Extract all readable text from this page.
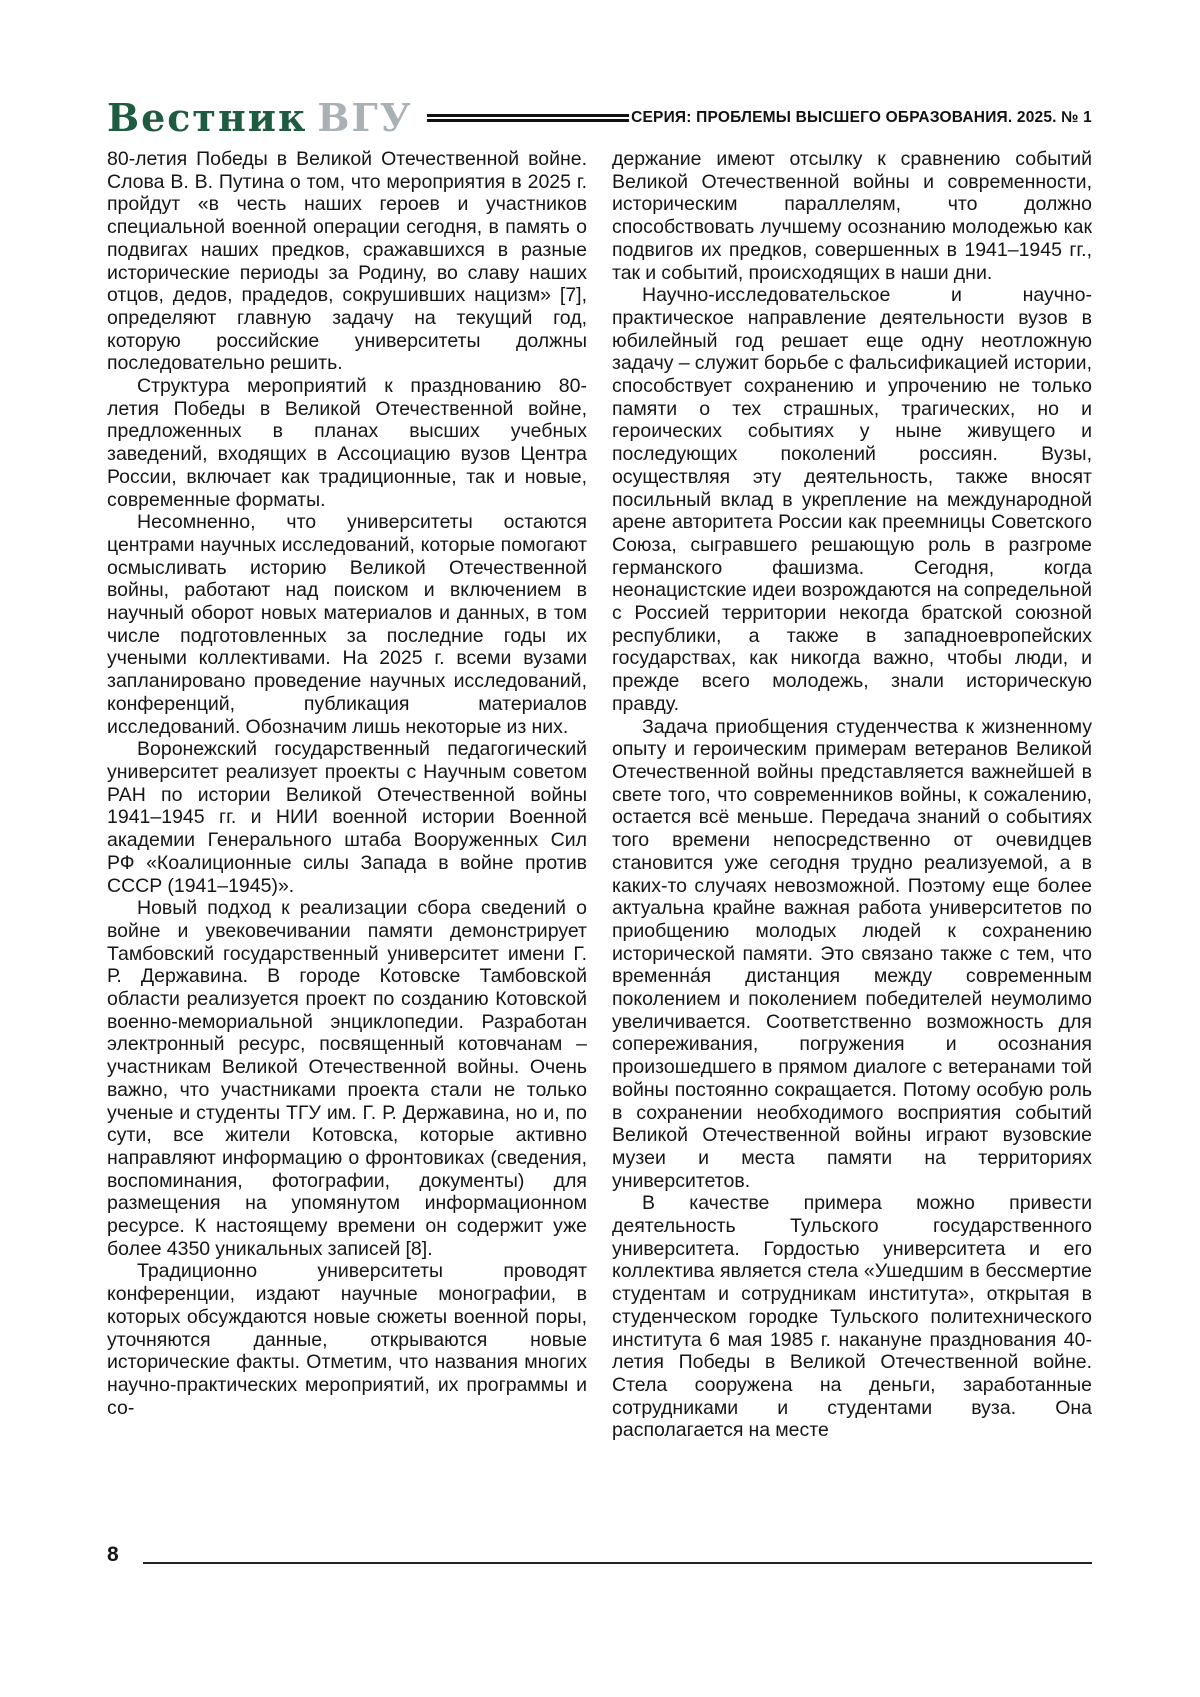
Вестник ВГУ	СЕРИЯ: ПРОБЛЕМЫ ВЫСШЕГО ОБРАЗОВАНИЯ. 2025. № 1

80-летия Победы в Великой Отечественной войне. Слова В. В. Путина о том, что мероприятия в 2025 г. пройдут «в честь наших героев и участников специальной военной операции сегодня, в память о подвигах наших предков, сражавшихся в разные исторические периоды за Родину, во славу наших отцов, дедов, прадедов, сокрушивших нацизм» [7], определяют главную задачу на текущий год, которую российские университеты должны последовательно решить.

Структура мероприятий к празднованию 80-летия Победы в Великой Отечественной войне, предложенных в планах высших учебных заведений, входящих в Ассоциацию вузов Центра России, включает как традиционные, так и новые, современные форматы.

Несомненно, что университеты остаются центрами научных исследований, которые помогают осмысливать историю Великой Отечественной войны, работают над поиском и включением в научный оборот новых материалов и данных, в том числе подготовленных за последние годы их учеными коллективами. На 2025 г. всеми вузами запланировано проведение научных исследований, конференций, публикация материалов исследований. Обозначим лишь некоторые из них.

Воронежский государственный педагогический университет реализует проекты с Научным советом РАН по истории Великой Отечественной войны 1941–1945 гг. и НИИ военной истории Военной академии Генерального штаба Вооруженных Сил РФ «Коалиционные силы Запада в войне против СССР (1941–1945)».

Новый подход к реализации сбора сведений о войне и увековечивании памяти демонстрирует Тамбовский государственный университет имени Г. Р. Державина. В городе Котовске Тамбовской области реализуется проект по созданию Котовской военно-мемориальной энциклопедии. Разработан электронный ресурс, посвященный котовчанам – участникам Великой Отечественной войны. Очень важно, что участниками проекта стали не только ученые и студенты ТГУ им. Г. Р. Державина, но и, по сути, все жители Котовска, которые активно направляют информацию о фронтовиках (сведения, воспоминания, фотографии, документы) для размещения на упомянутом информационном ресурсе. К настоящему времени он содержит уже более 4350 уникальных записей [8].

Традиционно университеты проводят конференции, издают научные монографии, в которых обсуждаются новые сюжеты военной поры, уточняются данные, открываются новые исторические факты. Отметим, что названия многих научно-практических мероприятий, их программы и со-

держание имеют отсылку к сравнению событий Великой Отечественной войны и современности, историческим параллелям, что должно способствовать лучшему осознанию молодежью как подвигов их предков, совершенных в 1941–1945 гг., так и событий, происходящих в наши дни.

Научно-исследовательское и научно-практическое направление деятельности вузов в юбилейный год решает еще одну неотложную задачу – служит борьбе с фальсификацией истории, способствует сохранению и упрочению не только памяти о тех страшных, трагических, но и героических событиях у ныне живущего и последующих поколений россиян. Вузы, осуществляя эту деятельность, также вносят посильный вклад в укрепление на международной арене авторитета России как преемницы Советского Союза, сыгравшего решающую роль в разгроме германского фашизма. Сегодня, когда неонацистские идеи возрождаются на сопредельной с Россией территории некогда братской союзной республики, а также в западноевропейских государствах, как никогда важно, чтобы люди, и прежде всего молодежь, знали историческую правду.

Задача приобщения студенчества к жизненному опыту и героическим примерам ветеранов Великой Отечественной войны представляется важнейшей в свете того, что современников войны, к сожалению, остается всё меньше. Передача знаний о событиях того времени непосредственно от очевидцев становится уже сегодня трудно реализуемой, а в каких-то случаях невозможной. Поэтому еще более актуальна крайне важная работа университетов по приобщению молодых людей к сохранению исторической памяти. Это связано также с тем, что временна́я дистанция между современным поколением и поколением победителей неумолимо увеличивается. Соответственно возможность для сопереживания, погружения и осознания произошедшего в прямом диалоге с ветеранами той войны постоянно сокращается. Потому особую роль в сохранении необходимого восприятия событий Великой Отечественной войны играют вузовские музеи и места памяти на территориях университетов.

В качестве примера можно привести деятельность Тульского государственного университета. Гордостью университета и его коллектива является стела «Ушедшим в бессмертие студентам и сотрудникам института», открытая в студенческом городке Тульского политехнического института 6 мая 1985 г. накануне празднования 40-летия Победы в Великой Отечественной войне. Стела сооружена на деньги, заработанные сотрудниками и студентами вуза. Она располагается на месте

8
